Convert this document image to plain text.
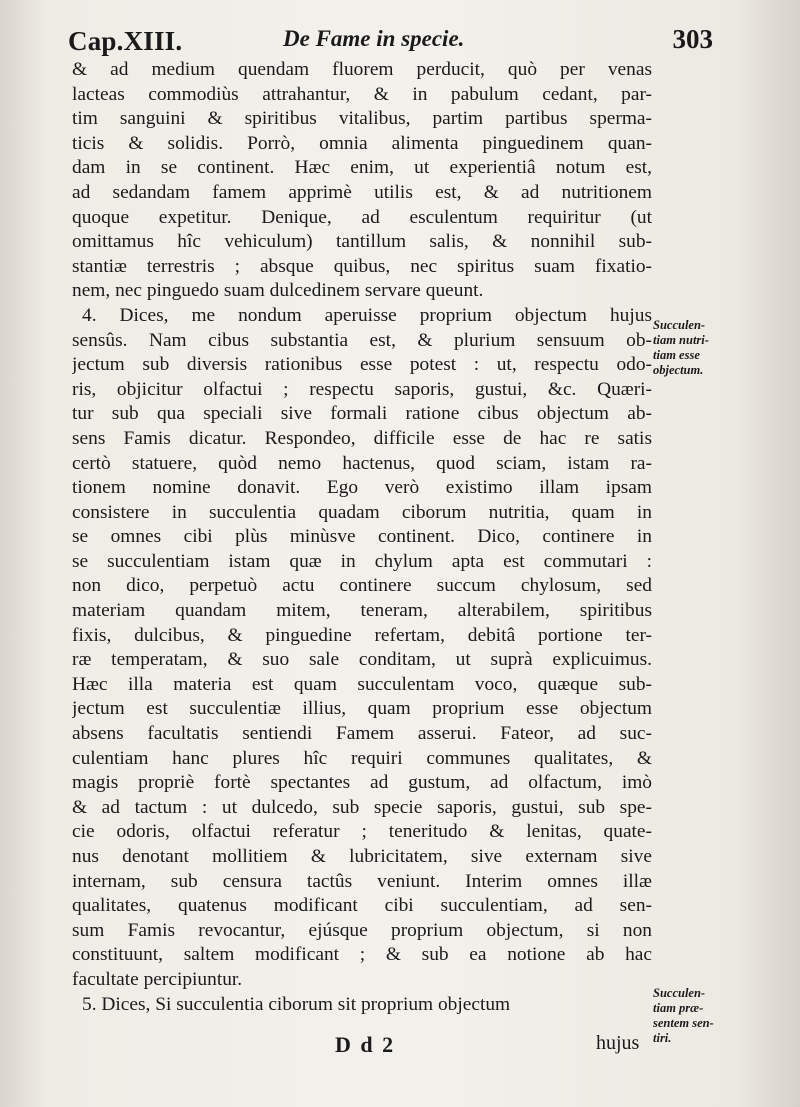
Cap.XIII.	De Fame in specie.	303
& ad medium quendam fluorem perducit, quò per venas
lacteas commodiùs attrahantur, & in pabulum cedant, par-
tim sanguini & spiritibus vitalibus, partim partibus sperma-
ticis & solidis. Porrò, omnia alimenta pinguedinem quan-
dam in se continent. Hæc enim, ut experientiâ notum est,
ad sedandam famem apprimè utilis est, & ad nutritionem
quoque expetitur. Denique, ad esculentum requiritur (ut
omittamus hîc vehiculum) tantillum salis, & nonnihil sub-
stantiæ terrestris ; absque quibus, nec spiritus suam fixatio-
nem, nec pinguedo suam dulcedinem servare queunt.
4. Dices, me nondum aperuisse proprium objectum hujus
sensûs. Nam cibus substantia est, & plurium sensuum ob-
jectum sub diversis rationibus esse potest : ut, respectu odo-
ris, objicitur olfactui ; respectu saporis, gustui, &c. Quæri-
tur sub qua speciali sive formali ratione cibus objectum ab-
sens Famis dicatur. Respondeo, difficile esse de hac re satis
certò statuere, quòd nemo hactenus, quod sciam, istam ra-
tionem nomine donavit. Ego verò existimo illam ipsam
consistere in succulentia quadam ciborum nutritia, quam in
se omnes cibi plùs minùsve continent. Dico, continere in
se succulentiam istam quæ in chylum apta est commutari :
non dico, perpetuò actu continere succum chylosum, sed
materiam quandam mitem, teneram, alterabilem, spiritibus
fixis, dulcibus, & pinguedine refertam, debitâ portione ter-
ræ temperatam, & suo sale conditam, ut suprà explicuimus.
Hæc illa materia est quam succulentam voco, quæque sub-
jectum est succulentiæ illius, quam proprium esse objectum
absens facultatis sentiendi Famem asserui. Fateor, ad suc-
culentiam hanc plures hîc requiri communes qualitates, &
magis propriè fortè spectantes ad gustum, ad olfactum, imò
& ad tactum : ut dulcedo, sub specie saporis, gustui, sub spe-
cie odoris, olfactui referatur ; teneritudo & lenitas, quate-
nus denotant mollitiem & lubricitatem, sive externam sive
internam, sub censura tactûs veniunt. Interim omnes illæ
qualitates, quatenus modificant cibi succulentiam, ad sen-
sum Famis revocantur, ejúsque proprium objectum, si non
constituunt, saltem modificant ; & sub ea notione ab hac
facultate percipiuntur.
5. Dices, Si succulentia ciborum sit proprium objectum
Succulen-
tiam nutri-
tiam esse
objectum.
Succulen-
tiam præ-
sentem sen-
tiri.
D d 2	hujus
